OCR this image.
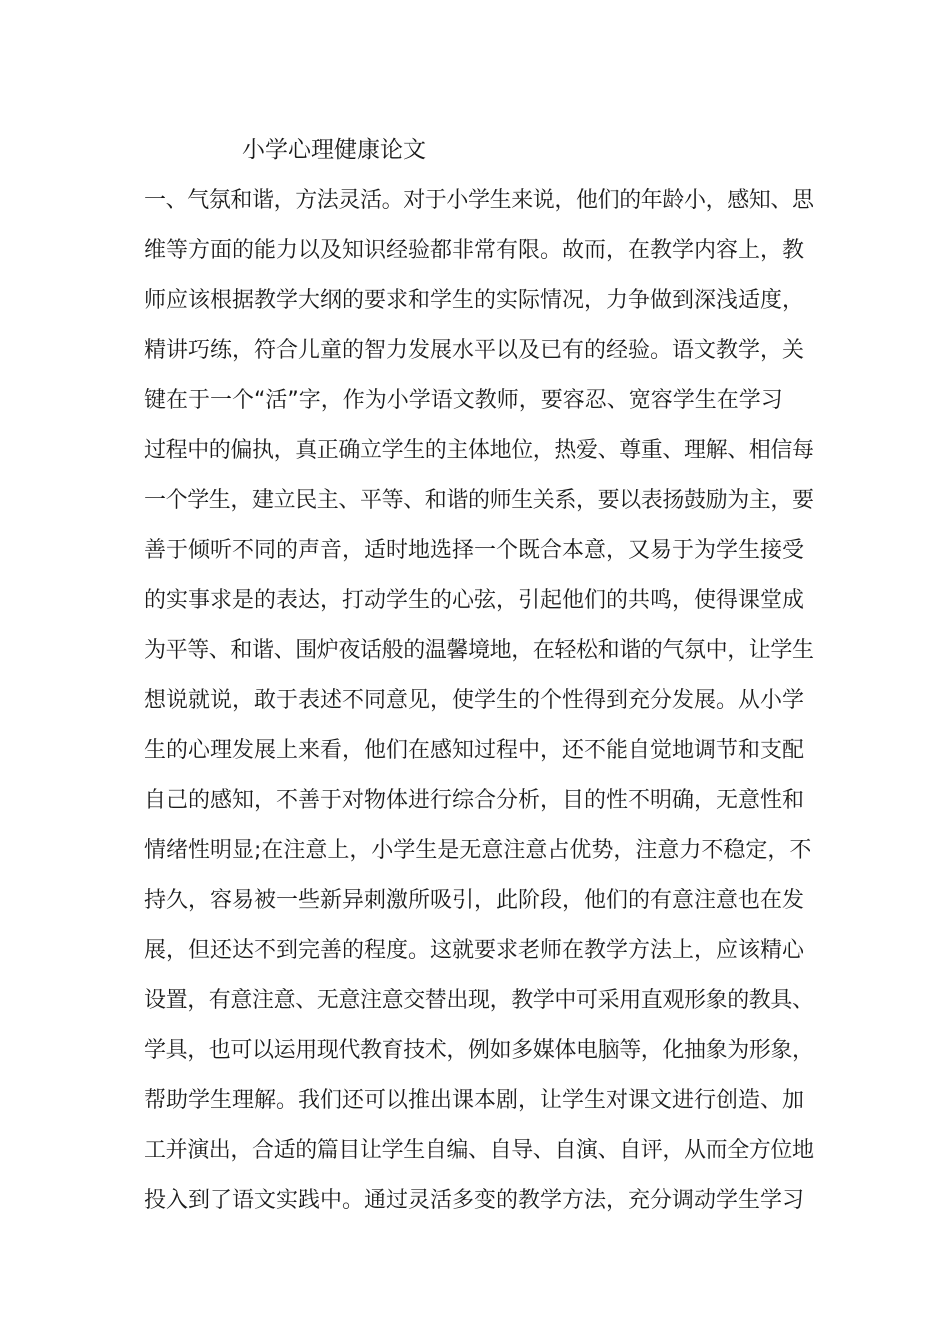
小学心理健康论文
一、气氛和谐，方法灵活。对于小学生来说，他们的年龄小，感知、思
维等方面的能力以及知识经验都非常有限。故而，在教学内容上，教
师应该根据教学大纲的要求和学生的实际情况，力争做到深浅适度，
精讲巧练，符合儿童的智力发展水平以及已有的经验。语文教学，关
键在于一个“活”字，作为小学语文教师，要容忍、宽容学生在学习
过程中的偏执，真正确立学生的主体地位，热爱、尊重、理解、相信每
一个学生，建立民主、平等、和谐的师生关系，要以表扬鼓励为主，要
善于倾听不同的声音，适时地选择一个既合本意，又易于为学生接受
的实事求是的表达，打动学生的心弦，引起他们的共鸣，使得课堂成
为平等、和谐、围炉夜话般的温馨境地，在轻松和谐的气氛中，让学生
想说就说，敢于表述不同意见，使学生的个性得到充分发展。从小学
生的心理发展上来看，他们在感知过程中，还不能自觉地调节和支配
自己的感知，不善于对物体进行综合分析，目的性不明确，无意性和
情绪性明显;在注意上，小学生是无意注意占优势，注意力不稳定，不
持久，容易被一些新异刺激所吸引，此阶段，他们的有意注意也在发
展，但还达不到完善的程度。这就要求老师在教学方法上，应该精心
设置，有意注意、无意注意交替出现，教学中可采用直观形象的教具、
学具，也可以运用现代教育技术，例如多媒体电脑等，化抽象为形象，
帮助学生理解。我们还可以推出课本剧，让学生对课文进行创造、加
工并演出，合适的篇目让学生自编、自导、自演、自评，从而全方位地
投入到了语文实践中。通过灵活多变的教学方法，充分调动学生学习
